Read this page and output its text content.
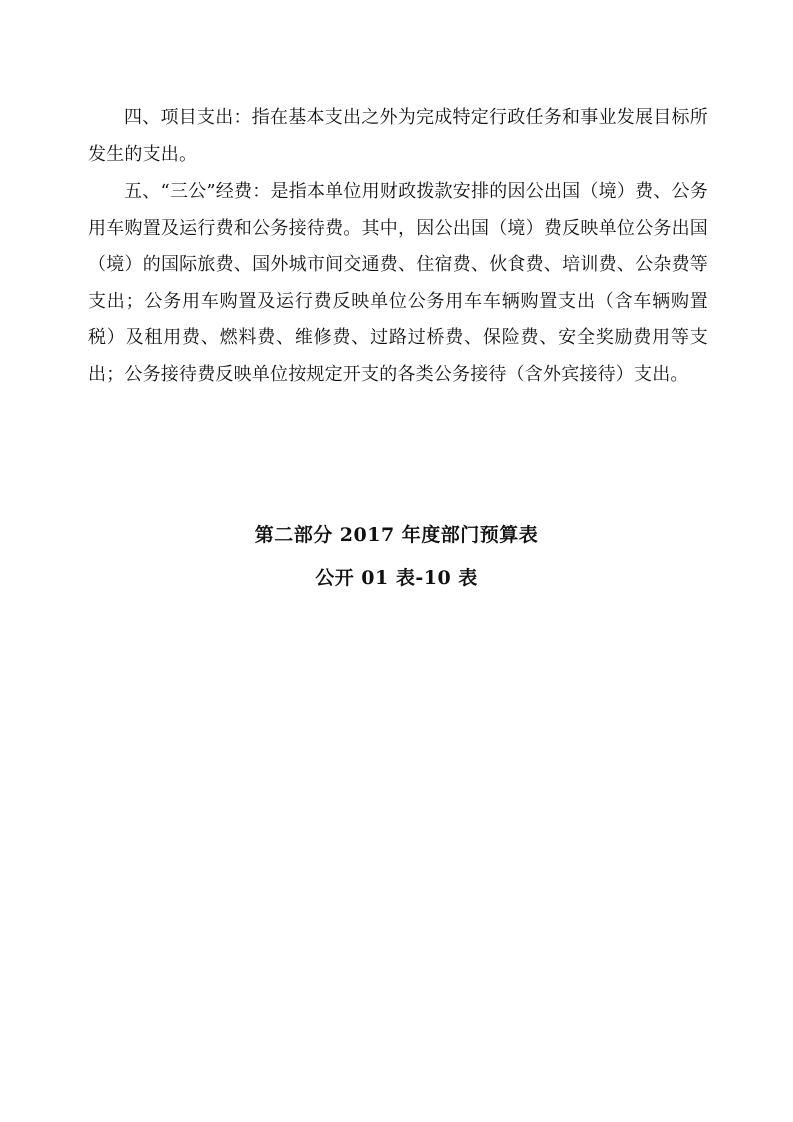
四、项目支出：指在基本支出之外为完成特定行政任务和事业发展目标所发生的支出。

五、“三公”经费：是指本单位用财政拨款安排的因公出国（境）费、公务用车购置及运行费和公务接待费。其中，因公出国（境）费反映单位公务出国（境）的国际旅费、国外城市间交通费、住宿费、伙食费、培训费、公杂费等支出；公务用车购置及运行费反映单位公务用车车辆购置支出（含车辆购置税）及租用费、燃料费、维修费、过路过桥费、保险费、安全奖励费用等支出；公务接待费反映单位按规定开支的各类公务接待（含外宾接待）支出。

第二部分 2017 年度部门预算表
公开 01 表-10 表
